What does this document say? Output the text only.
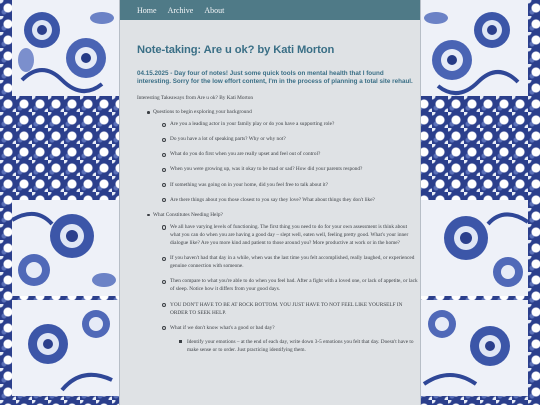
Home Archive About
Note-taking: Are u ok? by Kati Morton

04.15.2025 - Day four of notes! Just some quick tools on mental health that I found interesting. Sorry for the low effort content, I'm in the process of planning a total site rehaul.

Interesting Takeaways from Are u ok? By Kati Morton

Questions to begin exploring your background
Are you a leading actor in your family play or do you have a supporting role?
Do you have a lot of speaking parts? Why or why not?
What do you do first when you are really upset and feel out of control?
When you were growing up, was it okay to be mad or sad? How did your parents respond?
If something was going on in your home, did you feel free to talk about it?
Are there things about you those closest to you say they love? What about things they don't like?
What Constitutes Needing Help?
We all have varying levels of functioning. The first thing you need to do for your own assessment is think about what you can do when you are having a good day – slept well, eaten well, feeling pretty good. What's your inner dialogue like? Are you more kind and patient to those around you? More productive at work or in the home?
If you haven't had that day in a while, when was the last time you felt accomplished, really laughed, or experienced genuine connection with someone.
Then compare to what you're able to do when you feel bad. After a fight with a loved one, or lack of appetite, or lack of sleep. Notice how it differs from your good days.
YOU DON'T HAVE TO BE AT ROCK BOTTOM. YOU JUST HAVE TO NOT FEEL LIKE YOURSELF IN ORDER TO SEEK HELP.
What if we don't know what's a good or bad day?
Identify your emotions – at the end of each day, write down 3-5 emotions you felt that day. Doesn't have to make sense or to order. Just practicing identifying them.
